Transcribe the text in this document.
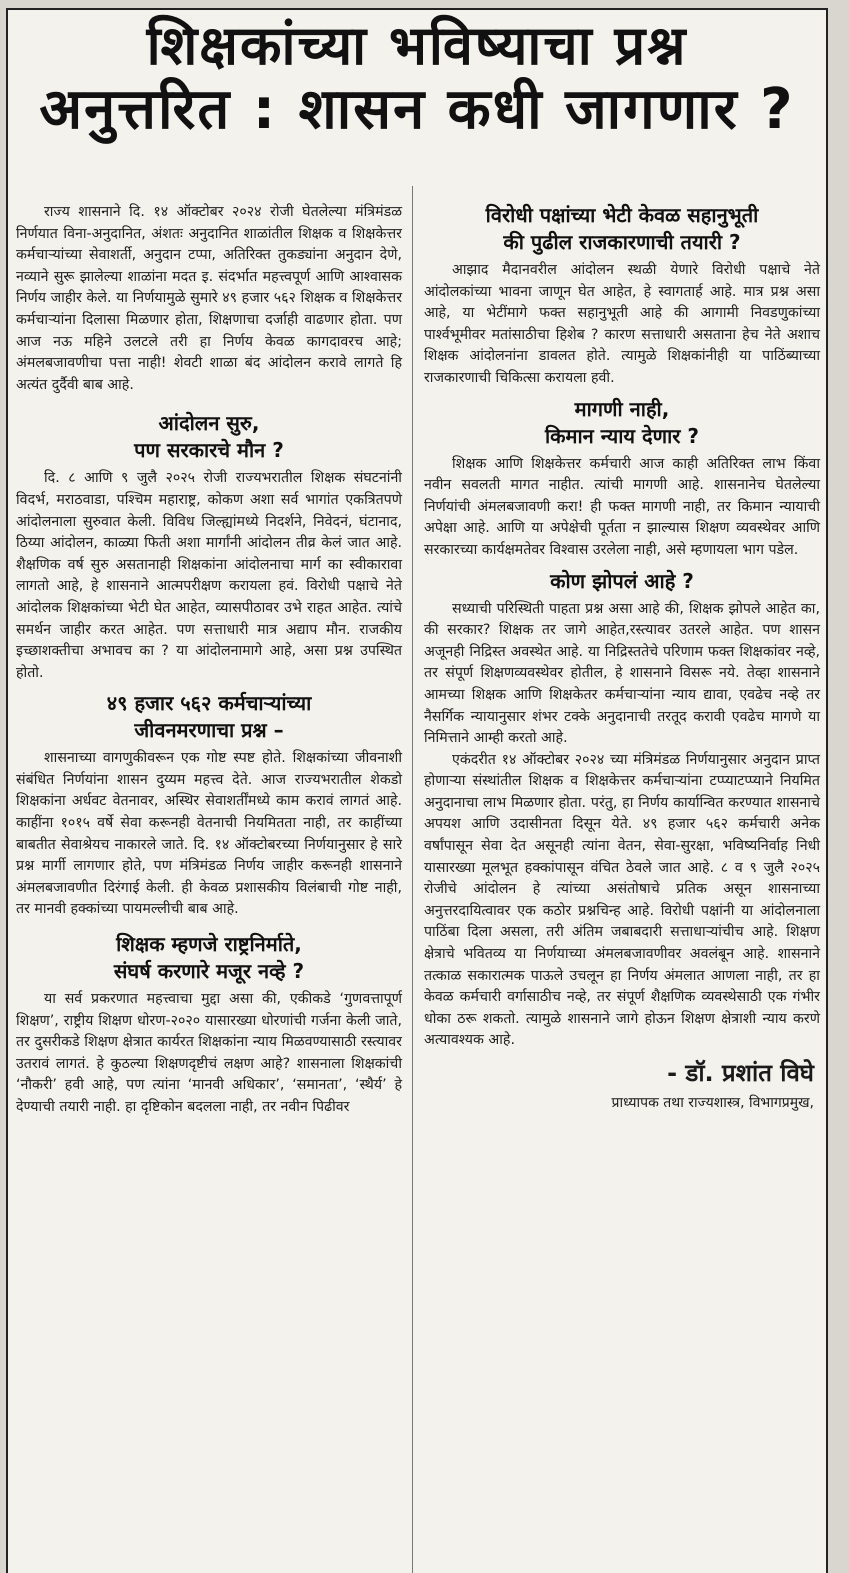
शिक्षकांच्या भविष्याचा प्रश्न
अनुत्तरित : शासन कधी जागणार ?

राज्य शासनाने दि. १४ ऑक्टोबर २०२४ रोजी घेतलेल्या मंत्रिमंडळ निर्णयात विना-अनुदानित, अंशतः अनुदानित शाळांतील शिक्षक व शिक्षकेत्तर कर्मचाऱ्यांच्या सेवाशर्ती, अनुदान टप्पा, अतिरिक्त तुकड्यांना अनुदान देणे, नव्याने सुरू झालेल्या शाळांना मदत इ. संदर्भात महत्त्वपूर्ण आणि आश्वासक निर्णय जाहीर केले. या निर्णयामुळे सुमारे ४९ हजार ५६२ शिक्षक व शिक्षकेत्तर कर्मचाऱ्यांना दिलासा मिळणार होता, शिक्षणाचा दर्जाही वाढणार होता. पण आज नऊ महिने उलटले तरी हा निर्णय केवळ कागदावरच आहे; अंमलबजावणीचा पत्ता नाही! शेवटी शाळा बंद आंदोलन करावे लागते हि अत्यंत दुर्दैवी बाब आहे.

आंदोलन सुरु,
पण सरकारचे मौन ?

दि. ८ आणि ९ जुलै २०२५ रोजी राज्यभरातील शिक्षक संघटनांनी विदर्भ, मराठवाडा, पश्चिम महाराष्ट्र, कोकण अशा सर्व भागांत एकत्रितपणे आंदोलनाला सुरुवात केली. विविध जिल्ह्यांमध्ये निदर्शने, निवेदनं, घंटानाद, ठिय्या आंदोलन, काळ्या फिती अशा मार्गांनी आंदोलन तीव्र केलं जात आहे. शैक्षणिक वर्ष सुरु असतानाही शिक्षकांना आंदोलनाचा मार्ग का स्वीकारावा लागतो आहे, हे शासनाने आत्मपरीक्षण करायला हवं. विरोधी पक्षाचे नेते आंदोलक शिक्षकांच्या भेटी घेत आहेत, व्यासपीठावर उभे राहत आहेत. त्यांचे समर्थन जाहीर करत आहेत. पण सत्ताधारी मात्र अद्याप मौन. राजकीय इच्छाशक्तीचा अभावच का ? या आंदोलनामागे आहे, असा प्रश्न उपस्थित होतो.

४९ हजार ५६२ कर्मचाऱ्यांच्या
जीवनमरणाचा प्रश्न –

शासनाच्या वागणुकीवरून एक गोष्ट स्पष्ट होते. शिक्षकांच्या जीवनाशी संबंधित निर्णयांना शासन दुय्यम महत्त्व देते. आज राज्यभरातील शेकडो शिक्षकांना अर्धवट वेतनावर, अस्थिर सेवाशर्तींमध्ये काम करावं लागतं आहे. काहींना १०१५ वर्षे सेवा करूनही वेतनाची नियमितता नाही, तर काहींच्या बाबतीत सेवाश्रेयच नाकारले जाते. दि. १४ ऑक्टोबरच्या निर्णयानुसार हे सारे प्रश्न मार्गी लागणार होते, पण मंत्रिमंडळ निर्णय जाहीर करूनही शासनाने अंमलबजावणीत दिरंगाई केली. ही केवळ प्रशासकीय विलंबाची गोष्ट नाही, तर मानवी हक्कांच्या पायमल्लीची बाब आहे.

शिक्षक म्हणजे राष्ट्रनिर्माते,
संघर्ष करणारे मजूर नव्हे ?

या सर्व प्रकरणात महत्त्वाचा मुद्दा असा की, एकीकडे ‘गुणवत्तापूर्ण शिक्षण’, राष्ट्रीय शिक्षण धोरण-२०२० यासारख्या धोरणांची गर्जना केली जाते, तर दुसरीकडे शिक्षण क्षेत्रात कार्यरत शिक्षकांना न्याय मिळवण्यासाठी रस्त्यावर उतरावं लागतं. हे कुठल्या शिक्षणदृष्टीचं लक्षण आहे? शासनाला शिक्षकांची ‘नौकरी’ हवी आहे, पण त्यांना ‘मानवी अधिकार’, ‘समानता’, ‘स्थैर्य’ हे देण्याची तयारी नाही. हा दृष्टिकोन बदलला नाही, तर नवीन पिढीवर

विरोधी पक्षांच्या भेटी केवळ सहानुभूती
की पुढील राजकारणाची तयारी ?

आझाद मैदानवरील आंदोलन स्थळी येणारे विरोधी पक्षाचे नेते आंदोलकांच्या भावना जाणून घेत आहेत, हे स्वागतार्ह आहे. मात्र प्रश्न असा आहे, या भेटींमागे फक्त सहानुभूती आहे की आगामी निवडणुकांच्या पार्श्वभूमीवर मतांसाठीचा हिशेब ? कारण सत्ताधारी असताना हेच नेते अशाच शिक्षक आंदोलनांना डावलत होते. त्यामुळे शिक्षकांनीही या पाठिंब्याच्या राजकारणाची चिकित्सा करायला हवी.

मागणी नाही,
किमान न्याय देणार ?

शिक्षक आणि शिक्षकेत्तर कर्मचारी आज काही अतिरिक्त लाभ किंवा नवीन सवलती मागत नाहीत. त्यांची मागणी आहे. शासनानेच घेतलेल्या निर्णयांची अंमलबजावणी करा! ही फक्त मागणी नाही, तर किमान न्यायाची अपेक्षा आहे. आणि या अपेक्षेची पूर्तता न झाल्यास शिक्षण व्यवस्थेवर आणि सरकारच्या कार्यक्षमतेवर विश्वास उरलेला नाही, असे म्हणायला भाग पडेल.

कोण झोपलं आहे ?

सध्याची परिस्थिती पाहता प्रश्न असा आहे की, शिक्षक झोपले आहेत का, की सरकार? शिक्षक तर जागे आहेत,रस्त्यावर उतरले आहेत. पण शासन अजूनही निद्रिस्त अवस्थेत आहे. या निद्रिस्ततेचे परिणाम फक्त शिक्षकांवर नव्हे, तर संपूर्ण शिक्षणव्यवस्थेवर होतील, हे शासनाने विसरू नये. तेव्हा शासनाने आमच्या शिक्षक आणि शिक्षकेतर कर्मचाऱ्यांना न्याय द्यावा, एवढेच नव्हे तर नैसर्गिक न्यायानुसार शंभर टक्के अनुदानाची तरतूद करावी एवढेच मागणे या निमित्ताने आम्ही करतो आहे.

एकंदरीत १४ ऑक्टोबर २०२४ च्या मंत्रिमंडळ निर्णयानुसार अनुदान प्राप्त होणाऱ्या संस्थांतील शिक्षक व शिक्षकेत्तर कर्मचाऱ्यांना टप्प्याटप्प्याने नियमित अनुदानाचा लाभ मिळणार होता. परंतु, हा निर्णय कार्यान्वित करण्यात शासनाचे अपयश आणि उदासीनता दिसून येते. ४९ हजार ५६२ कर्मचारी अनेक वर्षांपासून सेवा देत असूनही त्यांना वेतन, सेवा-सुरक्षा, भविष्यनिर्वाह निधी यासारख्या मूलभूत हक्कांपासून वंचित ठेवले जात आहे. ८ व ९ जुलै २०२५ रोजीचे आंदोलन हे त्यांच्या असंतोषाचे प्रतिक असून शासनाच्या अनुत्तरदायित्वावर एक कठोर प्रश्नचिन्ह आहे. विरोधी पक्षांनी या आंदोलनाला पाठिंबा दिला असला, तरी अंतिम जबाबदारी सत्ताधाऱ्यांचीच आहे. शिक्षण क्षेत्राचे भवितव्य या निर्णयाच्या अंमलबजावणीवर अवलंबून आहे. शासनाने तत्काळ सकारात्मक पाऊले उचलून हा निर्णय अंमलात आणला नाही, तर हा केवळ कर्मचारी वर्गासाठीच नव्हे, तर संपूर्ण शैक्षणिक व्यवस्थेसाठी एक गंभीर धोका ठरू शकतो. त्यामुळे शासनाने जागे होऊन शिक्षण क्षेत्राशी न्याय करणे अत्यावश्यक आहे.

- डॉ. प्रशांत विघे
प्राध्यापक तथा राज्यशास्त्र, विभागप्रमुख,
